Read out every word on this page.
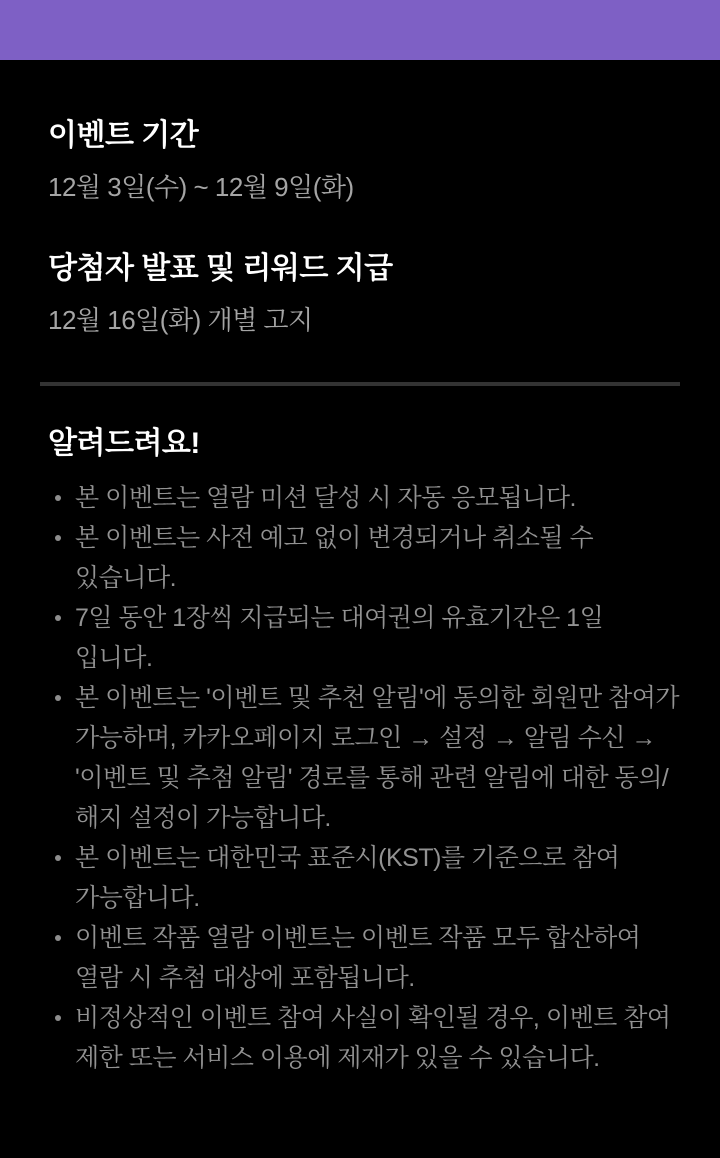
이벤트 기간

12월 3일(수) ~ 12월 9일(화)

당첨자 발표 및 리워드 지급

12월 16일(화) 개별 고지

알려드려요!
본 이벤트는 열람 미션 달성 시 자동 응모됩니다.
본 이벤트는 사전 예고 없이 변경되거나 취소될 수 있습니다.
7일 동안 1장씩 지급되는 대여권의 유효기간은 1일 입니다.
본 이벤트는 '이벤트 및 추천 알림'에 동의한 회원만 참여가 가능하며, 카카오페이지 로그인 → 설정 → 알림 수신 → '이벤트 및 추첨 알림' 경로를 통해 관련 알림에 대한 동의/해지 설정이 가능합니다.
본 이벤트는 대한민국 표준시(KST)를 기준으로 참여 가능합니다.
이벤트 작품 열람 이벤트는 이벤트 작품 모두 합산하여 열람 시 추첨 대상에 포함됩니다.
비정상적인 이벤트 참여 사실이 확인될 경우, 이벤트 참여 제한 또는 서비스 이용에 제재가 있을 수 있습니다.
